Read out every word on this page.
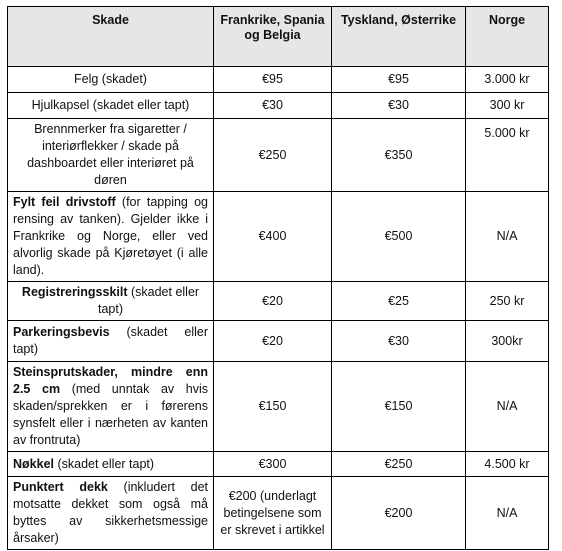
Skade	Frankrike, Spania og Belgia	Tyskland, Østerrike	Norge
Felg (skadet)	€95	€95	3.000 kr
Hjulkapsel (skadet eller tapt)	€30	€30	300 kr
Brennmerker fra sigaretter / interiørflekker / skade på dashboardet eller interiøret på døren	€250	€350	5.000 kr
Fylt feil drivstoff (for tapping og rensing av tanken). Gjelder ikke i Frankrike og Norge, eller ved alvorlig skade på Kjøretøyet (i alle land).	€400	€500	N/A
Registreringsskilt (skadet eller tapt)	€20	€25	250 kr
Parkeringsbevis (skadet eller tapt)	€20	€30	300kr
Steinsprutskader, mindre enn 2.5 cm (med unntak av hvis skaden/sprekken er i førerens synsfelt eller i nærheten av kanten av frontruta)	€150	€150	N/A
Nøkkel (skadet eller tapt)	€300	€250	4.500 kr
Punktert dekk (inkludert det motsatte dekket som også må byttes av sikkerhetsmessige årsaker)	€200 (underlagt betingelsene som er skrevet i artikkel	€200	N/A
